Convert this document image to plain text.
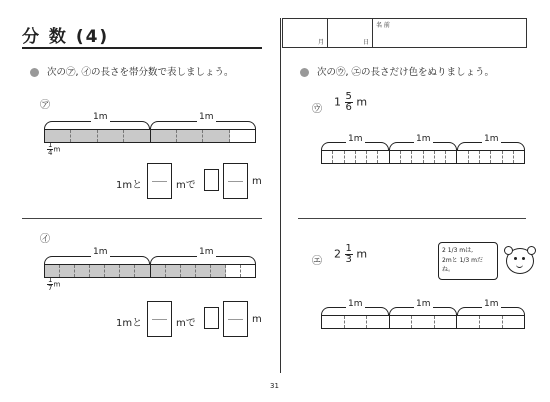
分 数 (4)	月	日	名 前
次の㋐, ㋑の長さを帯分数で表しましょう。
㋐
1m	1m
$\frac{1}{4}$ m
1mと	mで	m
㋑
1m	1m
$\frac{1}{7}$ m
1mと	mで	m
次の㋒, ㋓の長さだけ色をぬりましょう。
㋒
$1 \frac{5}{6}$ m
1m	1m	1m
㋓
$2 \frac{1}{3}$ m	2 1/3 mは,
2mと 1/3 mだね。
1m	1m	1m
31
